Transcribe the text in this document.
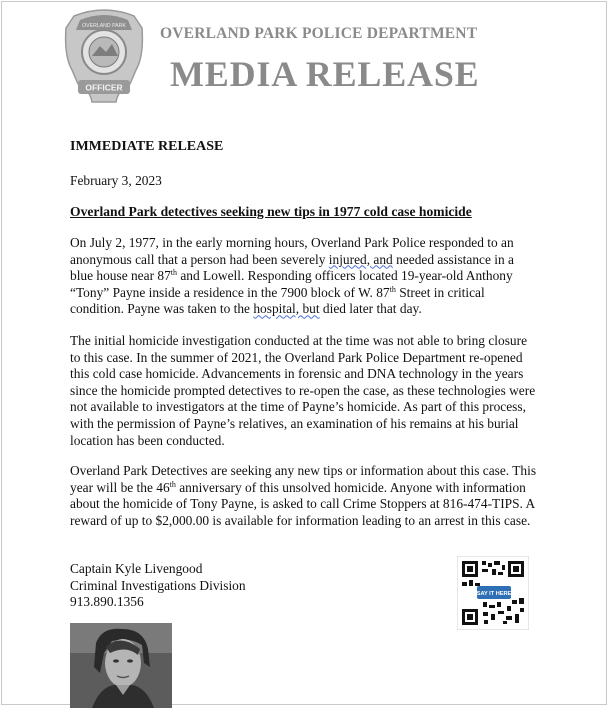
OFFICER
OVERLAND PARK OVERLAND PARK POLICE DEPARTMENT
MEDIA RELEASE
IMMEDIATE RELEASE
February 3, 2023
Overland Park detectives seeking new tips in 1977 cold case homicide
On July 2, 1977, in the early morning hours, Overland Park Police responded to an anonymous call that a person had been severely injured, and needed assistance in a blue house near 87th and Lowell. Responding officers located 19-year-old Anthony “Tony” Payne inside a residence in the 7900 block of W. 87th Street in critical condition. Payne was taken to the hospital, but died later that day.
The initial homicide investigation conducted at the time was not able to bring closure to this case. In the summer of 2021, the Overland Park Police Department re-opened this cold case homicide. Advancements in forensic and DNA technology in the years since the homicide prompted detectives to re-open the case, as these technologies were not available to investigators at the time of Payne’s homicide. As part of this process, with the permission of Payne’s relatives, an examination of his remains at his burial location has been conducted.
Overland Park Detectives are seeking any new tips or information about this case. This year will be the 46th anniversary of this unsolved homicide. Anyone with information about the homicide of Tony Payne, is asked to call Crime Stoppers at 816-474-TIPS. A reward of up to $2,000.00 is available for information leading to an arrest in this case.
Captain Kyle Livengood
Criminal Investigations Division
913.890.1356	SAY IT HERE
